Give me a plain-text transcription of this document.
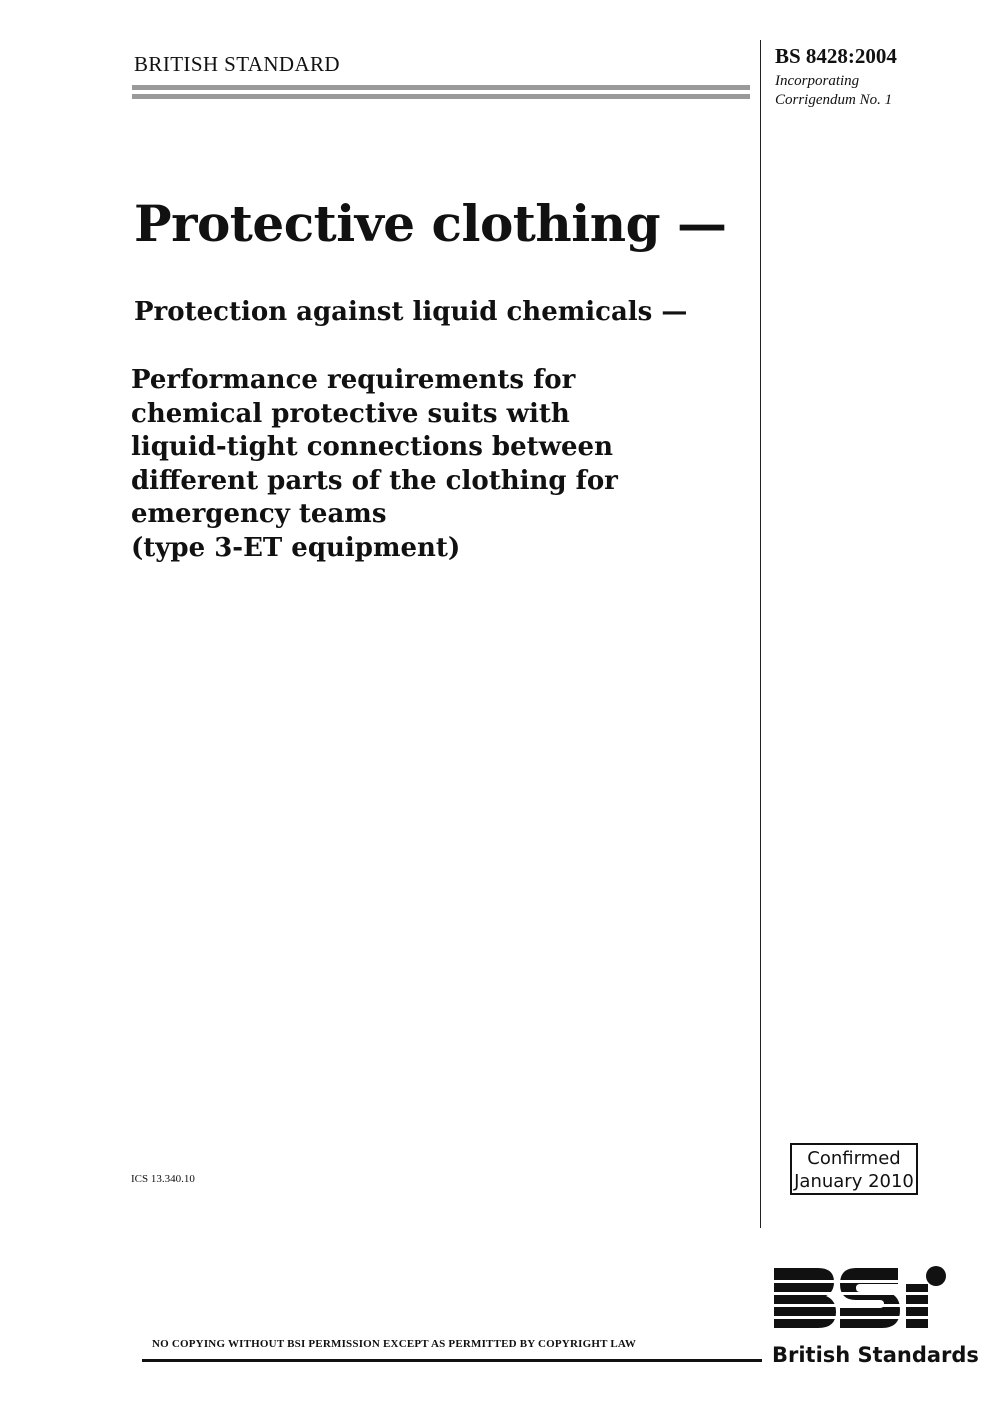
BRITISH STANDARD	BS 8428:2004
Incorporating
Corrigendum No. 1
Protective clothing —
Protection against liquid chemicals —
Performance requirements for
chemical protective suits with
liquid-tight connections between
different parts of the clothing for
emergency teams
(type 3-ET equipment)
ICS 13.340.10
Confirmed
January 2010
NO COPYING WITHOUT BSI PERMISSION EXCEPT AS PERMITTED BY COPYRIGHT LAW	British Standards
